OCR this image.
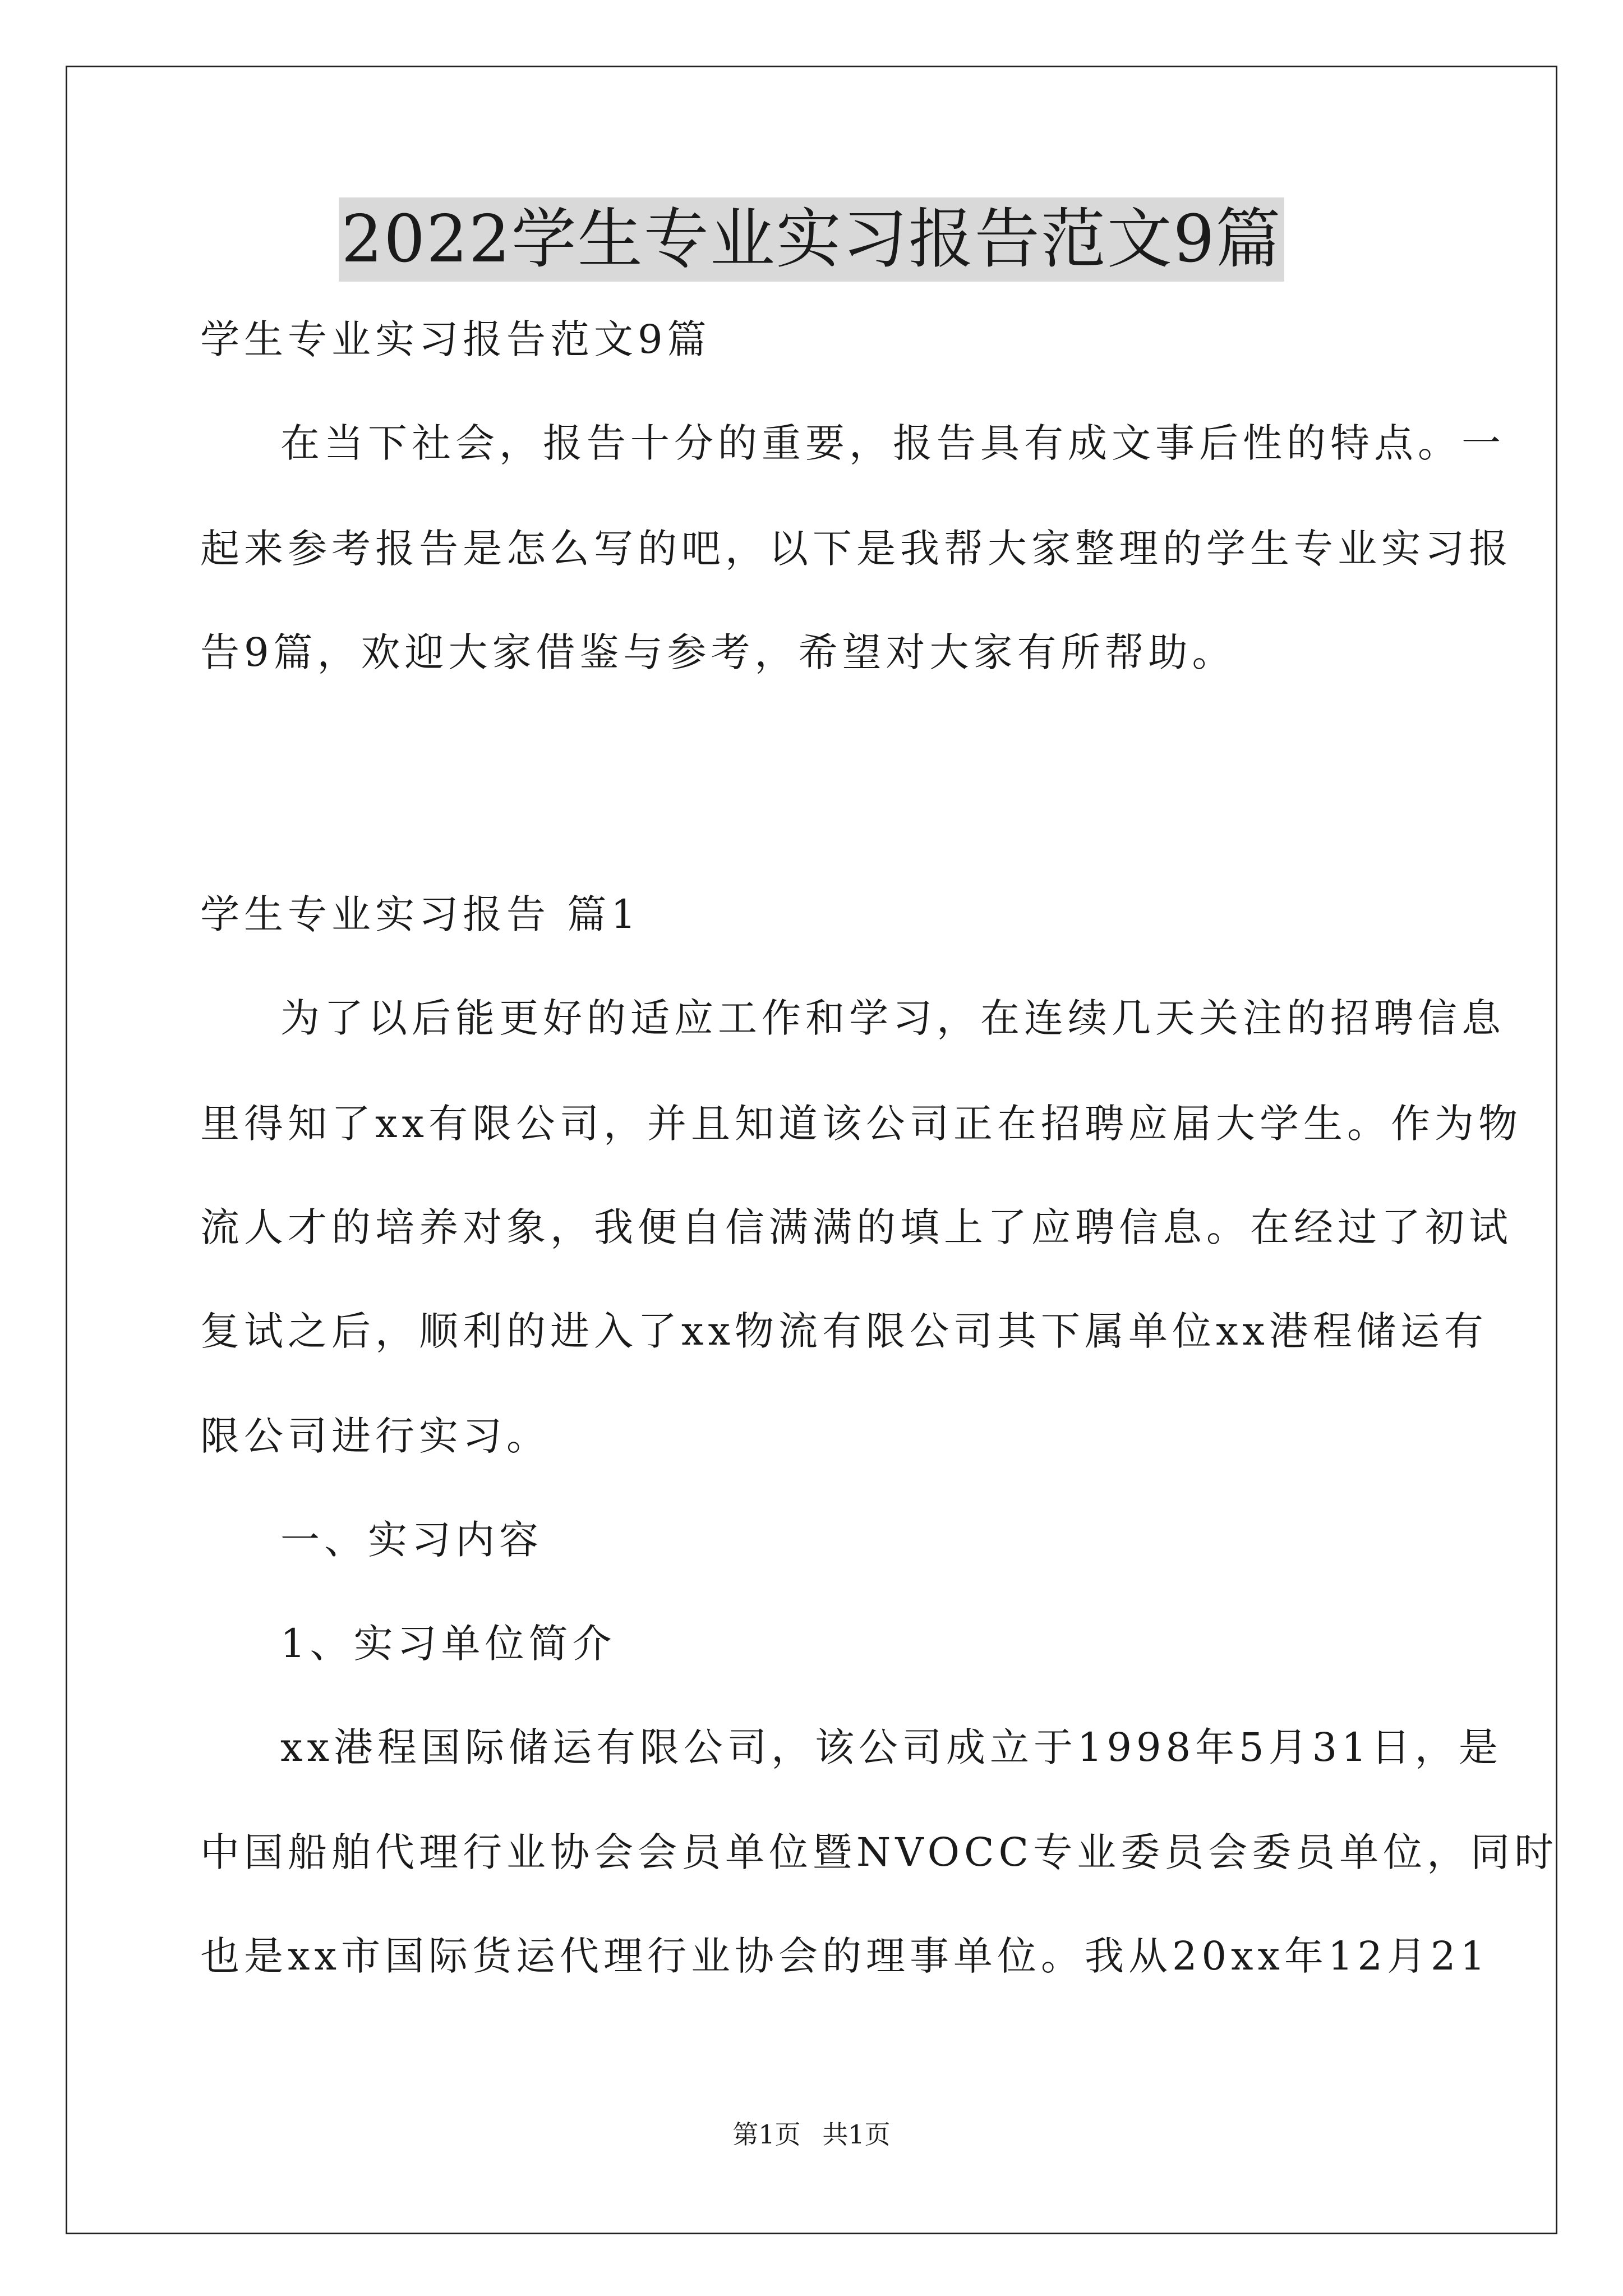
2022学生专业实习报告范文9篇
学生专业实习报告范文9篇
在当下社会，报告十分的重要，报告具有成文事后性的特点。一
起来参考报告是怎么写的吧，以下是我帮大家整理的学生专业实习报
告9篇，欢迎大家借鉴与参考，希望对大家有所帮助。
学生专业实习报告 篇1
为了以后能更好的适应工作和学习，在连续几天关注的招聘信息
里得知了xx有限公司，并且知道该公司正在招聘应届大学生。作为物
流人才的培养对象，我便自信满满的填上了应聘信息。在经过了初试
复试之后，顺利的进入了xx物流有限公司其下属单位xx港程储运有
限公司进行实习。
一、实习内容
1、实习单位简介
xx港程国际储运有限公司，该公司成立于1998年5月31日，是
中国船舶代理行业协会会员单位暨NVOCC专业委员会委员单位，同时
也是xx市国际货运代理行业协会的理事单位。我从20xx年12月21
第1页 共1页
